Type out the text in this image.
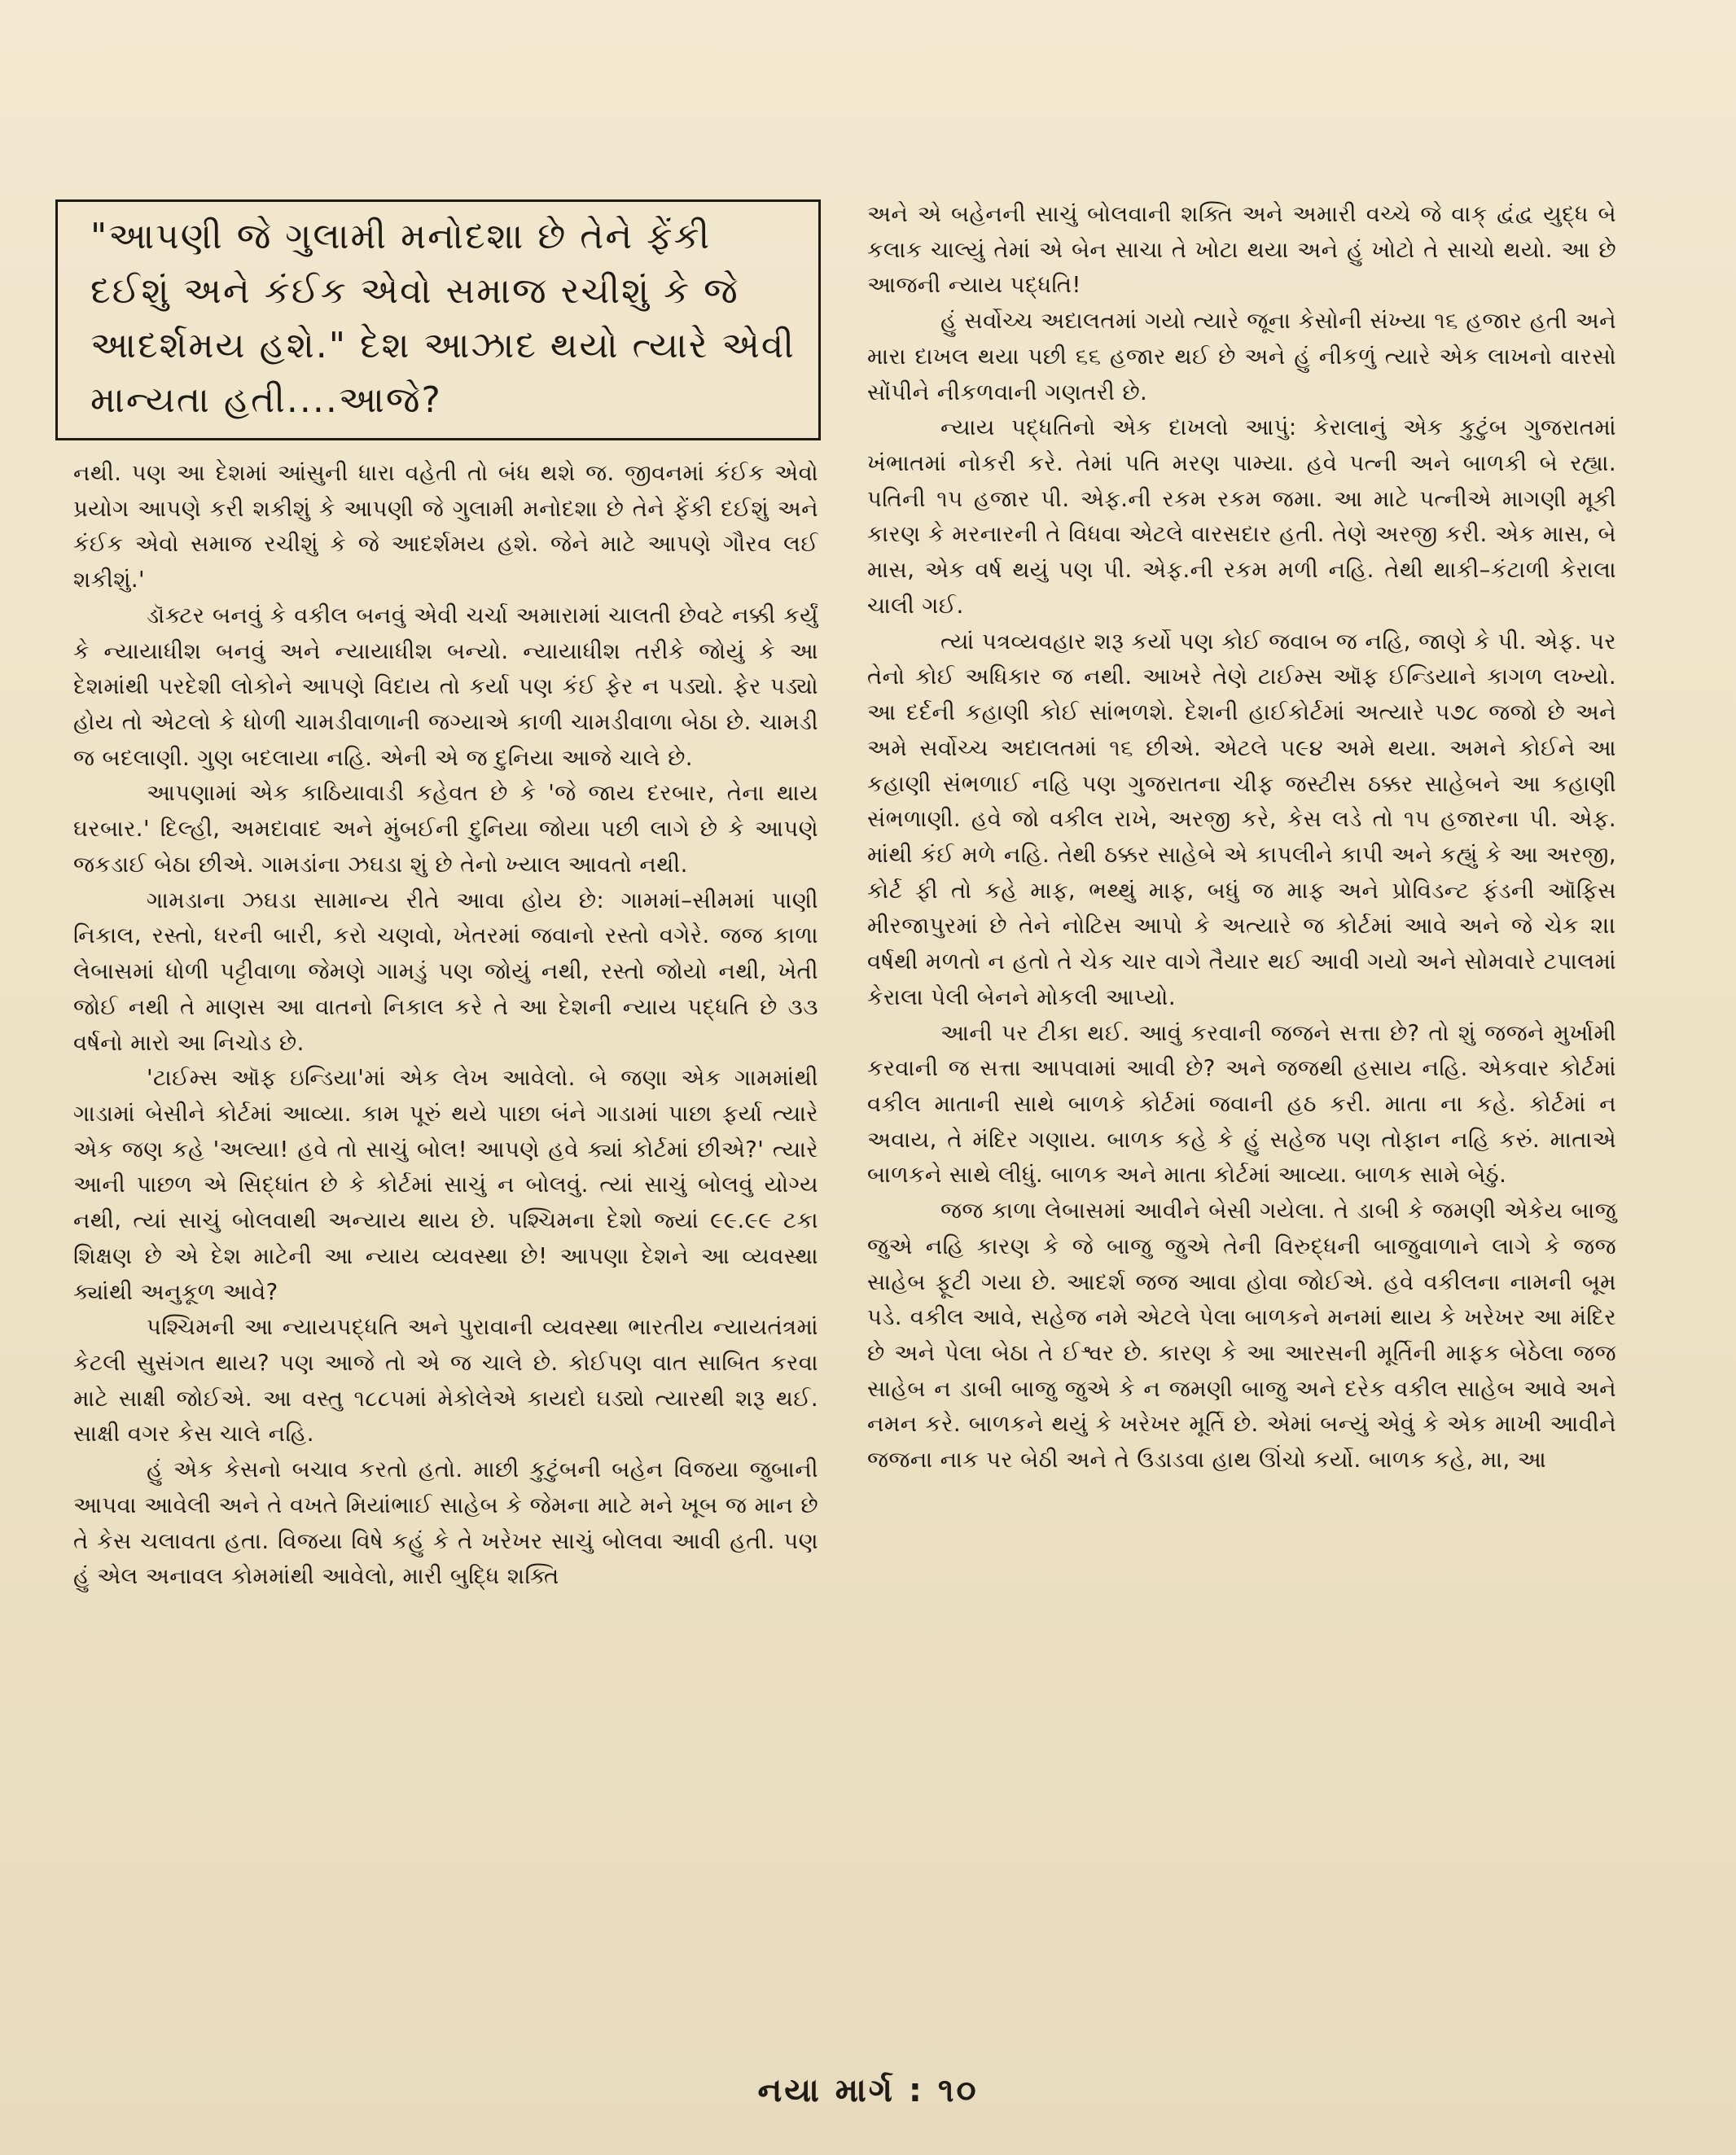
"આપણી જે ગુલામી મનોદશા છે તેને ફેંકી દઈશું અને કંઈક એવો સમાજ રચીશું કે જે આદર્શમય હશે." દેશ આઝાદ થયો ત્યારે એવી માન્યતા હતી....આજે?

નથી. પણ આ દેશમાં આંસુની ધારા વહેતી તો બંધ થશે જ. જીવનમાં કંઈક એવો પ્રયોગ આપણે કરી શકીશું કે આપણી જે ગુલામી મનોદશા છે તેને ફેંકી દઈશું અને કંઈક એવો સમાજ રચીશું કે જે આદર્શમય હશે. જેને માટે આપણે ગૌરવ લઈ શકીશું.'

ડૉક્ટર બનવું કે વકીલ બનવું એવી ચર્ચા અમારામાં ચાલતી છેવટે નક્કી કર્યું કે ન્યાયાધીશ બનવું અને ન્યાયાધીશ બન્યો. ન્યાયાધીશ તરીકે જોયું કે આ દેશમાંથી પરદેશી લોકોને આપણે વિદાય તો કર્યા પણ કંઈ ફેર ન પડ્યો. ફેર પડ્યો હોય તો એટલો કે ધોળી ચામડીવાળાની જગ્યાએ કાળી ચામડીવાળા બેઠા છે. ચામડી જ બદલાણી. ગુણ બદલાયા નહિ. એની એ જ દુનિયા આજે ચાલે છે.

આપણામાં એક કાઠિયાવાડી કહેવત છે કે 'જે જાય દરબાર, તેના થાય ઘરબાર.' દિલ્હી, અમદાવાદ અને મુંબઈની દુનિયા જોયા પછી લાગે છે કે આપણે જકડાઈ બેઠા છીએ. ગામડાંના ઝઘડા શું છે તેનો ખ્યાલ આવતો નથી.

ગામડાના ઝઘડા સામાન્ય રીતે આવા હોય છે: ગામમાં–સીમમાં પાણી નિકાલ, રસ્તો, ધરની બારી, કરો ચણવો, ખેતરમાં જવાનો રસ્તો વગેરે. જજ કાળા લેબાસમાં ધોળી પટ્ટીવાળા જેમણે ગામડું પણ જોયું નથી, રસ્તો જોયો નથી, ખેતી જોઈ નથી તે માણસ આ વાતનો નિકાલ કરે તે આ દેશની ન્યાય પદ્ધતિ છે ૩૩ વર્ષનો મારો આ નિચોડ છે.

'ટાઈમ્સ ઑફ ઇન્ડિયા'માં એક લેખ આવેલો. બે જણા એક ગામમાંથી ગાડામાં બેસીને કોર્ટમાં આવ્યા. કામ પૂરું થયે પાછા બંને ગાડામાં પાછા ફર્યા ત્યારે એક જણ કહે 'અલ્યા! હવે તો સાચું બોલ! આપણે હવે ક્યાં કોર્ટમાં છીએ?' ત્યારે આની પાછળ એ સિદ્ધાંત છે કે કોર્ટમાં સાચું ન બોલવું. ત્યાં સાચું બોલવું યોગ્ય નથી, ત્યાં સાચું બોલવાથી અન્યાય થાય છે. પશ્ચિમના દેશો જ્યાં ૯૯.૯૯ ટકા શિક્ષણ છે એ દેશ માટેની આ ન્યાય વ્યવસ્થા છે! આપણા દેશને આ વ્યવસ્થા ક્યાંથી અનુકૂળ આવે?

પશ્ચિમની આ ન્યાયપદ્ધતિ અને પુરાવાની વ્યવસ્થા ભારતીય ન્યાયતંત્રમાં કેટલી સુસંગત થાય? પણ આજે તો એ જ ચાલે છે. કોઈપણ વાત સાબિત કરવા માટે સાક્ષી જોઈએ. આ વસ્તુ ૧૮૮૫માં મેકોલેએ કાયદો ઘડ્યો ત્યારથી શરૂ થઈ. સાક્ષી વગર કેસ ચાલે નહિ.

હું એક કેસનો બચાવ કરતો હતો. માછી કુટુંબની બહેન વિજયા જુબાની આપવા આવેલી અને તે વખતે મિયાંભાઈ સાહેબ કે જેમના માટે મને ખૂબ જ માન છે તે કેસ ચલાવતા હતા. વિજયા વિષે કહું કે તે ખરેખર સાચું બોલવા આવી હતી. પણ હું એલ અનાવલ કોમમાંથી આવેલો, મારી બુદ્ધિ શક્તિ

અને એ બહેનની સાચું બોલવાની શક્તિ અને અમારી વચ્ચે જે વાક્ દ્વંદ્વ યુદ્ધ બે કલાક ચાલ્યું તેમાં એ બેન સાચા તે ખોટા થયા અને હું ખોટો તે સાચો થયો. આ છે આજની ન્યાય પદ્ધતિ!

હું સર્વોચ્ચ અદાલતમાં ગયો ત્યારે જૂના કેસોની સંખ્યા ૧૬ હજાર હતી અને મારા દાખલ થયા પછી ૬૬ હજાર થઈ છે અને હું નીકળું ત્યારે એક લાખનો વારસો સોંપીને નીકળવાની ગણતરી છે.

ન્યાય પદ્ધતિનો એક દાખલો આપું: કેરાલાનું એક કુટુંબ ગુજરાતમાં ખંભાતમાં નોકરી કરે. તેમાં પતિ મરણ પામ્યા. હવે પત્ની અને બાળકી બે રહ્યા. પતિની ૧૫ હજાર પી. એફ.ની રકમ રકમ જમા. આ માટે પત્નીએ માગણી મૂકી કારણ કે મરનારની તે વિધવા એટલે વારસદાર હતી. તેણે અરજી કરી. એક માસ, બે માસ, એક વર્ષ થયું પણ પી. એફ.ની રકમ મળી નહિ. તેથી થાકી–કંટાળી કેરાલા ચાલી ગઈ.

ત્યાં પત્રવ્યવહાર શરૂ કર્યો પણ કોઈ જવાબ જ નહિ, જાણે કે પી. એફ. પર તેનો કોઈ અધિકાર જ નથી. આખરે તેણે ટાઈમ્સ ઑફ ઈન્ડિયાને કાગળ લખ્યો. આ દર્દની કહાણી કોઈ સાંભળશે. દેશની હાઈકોર્ટમાં અત્યારે ૫૭૮ જજો છે અને અમે સર્વોચ્ચ અદાલતમાં ૧૬ છીએ. એટલે ૫૯૪ અમે થયા. અમને કોઈને આ કહાણી સંભળાઈ નહિ પણ ગુજરાતના ચીફ જસ્ટીસ ઠક્કર સાહેબને આ કહાણી સંભળાણી. હવે જો વકીલ રાખે, અરજી કરે, કેસ લડે તો ૧૫ હજારના પી. એફ. માંથી કંઈ મળે નહિ. તેથી ઠક્કર સાહેબે એ કાપલીને કાપી અને કહ્યું કે આ અરજી, કોર્ટ ફી તો કહે માફ, ભથ્થું માફ, બધું જ માફ અને પ્રોવિડન્ટ ફંડની ઑફિસ મીરજાપુરમાં છે તેને નોટિસ આપો કે અત્યારે જ કોર્ટમાં આવે અને જે ચેક ૨।। વર્ષથી મળતો ન હતો તે ચેક ચાર વાગે તૈયાર થઈ આવી ગયો અને સોમવારે ટપાલમાં કેરાલા પેલી બેનને મોકલી આપ્યો.

આની પર ટીકા થઈ. આવું કરવાની જજને સત્તા છે? તો શું જજને મુર્ખામી કરવાની જ સત્તા આપવામાં આવી છે? અને જજથી હસાય નહિ. એકવાર કોર્ટમાં વકીલ માતાની સાથે બાળકે કોર્ટમાં જવાની હઠ કરી. માતા ના કહે. કોર્ટમાં ન અવાય, તે મંદિર ગણાય. બાળક કહે કે હું સહેજ પણ તોફાન નહિ કરું. માતાએ બાળકને સાથે લીધું. બાળક અને માતા કોર્ટમાં આવ્યા. બાળક સામે બેઠું.

જજ કાળા લેબાસમાં આવીને બેસી ગયેલા. તે ડાબી કે જમણી એકેય બાજુ જુએ નહિ કારણ કે જે બાજુ જુએ તેની વિરુદ્ધની બાજુવાળાને લાગે કે જજ સાહેબ ફૂટી ગયા છે. આદર્શ જજ આવા હોવા જોઈએ. હવે વકીલના નામની બૂમ પડે. વકીલ આવે, સહેજ નમે એટલે પેલા બાળકને મનમાં થાય કે ખરેખર આ મંદિર છે અને પેલા બેઠા તે ઈશ્વર છે. કારણ કે આ આરસની મૂર્તિની માફક બેઠેલા જજ સાહેબ ન ડાબી બાજુ જુએ કે ન જમણી બાજુ અને દરેક વકીલ સાહેબ આવે અને નમન કરે. બાળકને થયું કે ખરેખર મૂર્તિ છે. એમાં બન્યું એવું કે એક માખી આવીને જજના નાક પર બેઠી અને તે ઉડાડવા હાથ ઊંચો કર્યો. બાળક કહે, મા, આ

નયા માર્ગ : ૧૦
